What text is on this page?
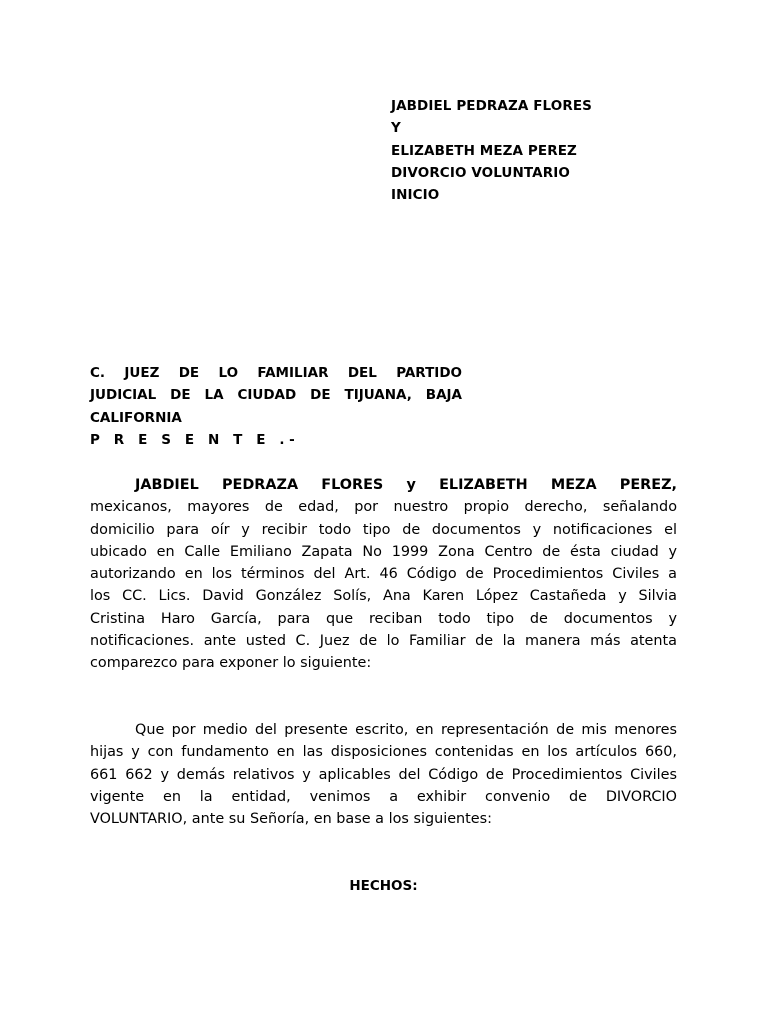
JABDIEL PEDRAZA FLORES
Y
ELIZABETH MEZA PEREZ
DIVORCIO VOLUNTARIO
INICIO
C. JUEZ DE LO FAMILIAR DEL PARTIDO
JUDICIAL DE LA CIUDAD DE TIJUANA, BAJA
CALIFORNIA
P R E S E N T E .-
JABDIEL PEDRAZA FLORES y ELIZABETH MEZA PEREZ,
mexicanos, mayores de edad, por nuestro propio derecho, señalando
domicilio para oír y recibir todo tipo de documentos y notificaciones el
ubicado en Calle Emiliano Zapata No 1999 Zona Centro de ésta ciudad y
autorizando en los términos del Art. 46 Código de Procedimientos Civiles a
los CC. Lics. David González Solís, Ana Karen López Castañeda y Silvia
Cristina Haro García, para que reciban todo tipo de documentos y
notificaciones. ante usted C. Juez de lo Familiar de la manera más atenta
comparezco para exponer lo siguiente:
Que por medio del presente escrito, en representación de mis menores
hijas y con fundamento en las disposiciones contenidas en los artículos 660,
661 662 y demás relativos y aplicables del Código de Procedimientos Civiles
vigente en la entidad, venimos a exhibir convenio de DIVORCIO
VOLUNTARIO, ante su Señoría, en base a los siguientes:
HECHOS:
